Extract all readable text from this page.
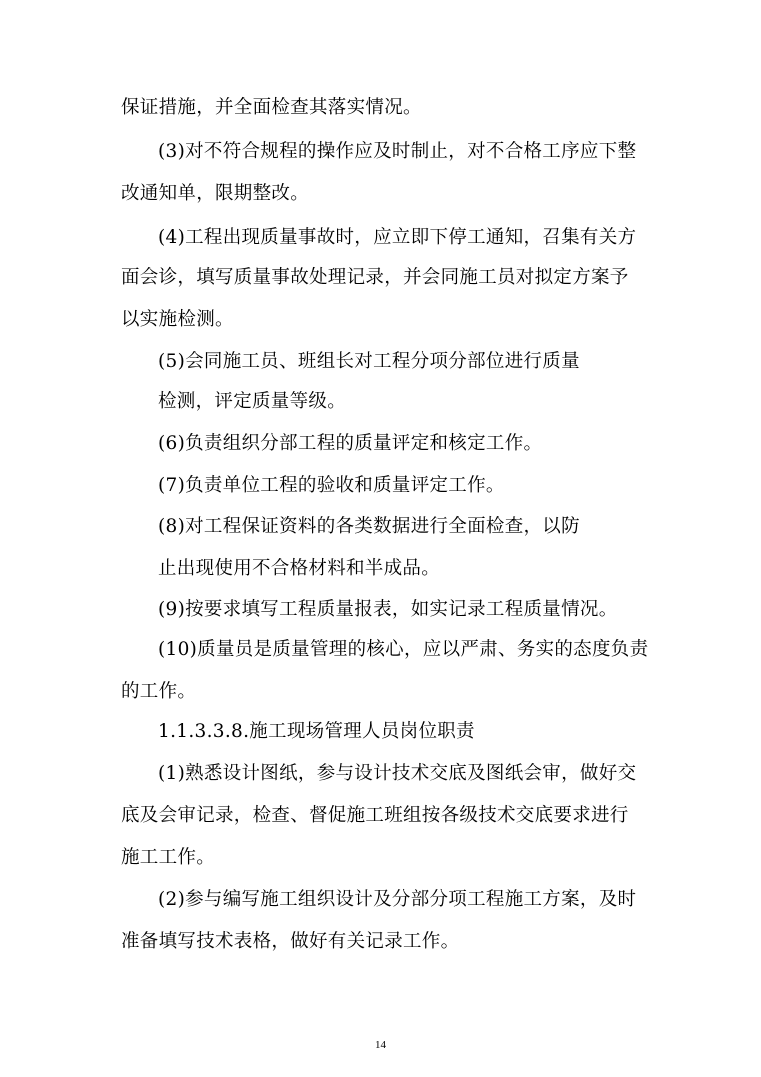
保证措施，并全面检查其落实情况。
(3)对不符合规程的操作应及时制止，对不合格工序应下整
改通知单，限期整改。
(4)工程出现质量事故时，应立即下停工通知，召集有关方
面会诊，填写质量事故处理记录，并会同施工员对拟定方案予
以实施检测。
(5)会同施工员、班组长对工程分项分部位进行质量
检测，评定质量等级。
(6)负责组织分部工程的质量评定和核定工作。
(7)负责单位工程的验收和质量评定工作。
(8)对工程保证资料的各类数据进行全面检查，以防
止出现使用不合格材料和半成品。
(9)按要求填写工程质量报表，如实记录工程质量情况。
(10)质量员是质量管理的核心，应以严肃、务实的态度负责
的工作。
1.1.3.3.8.施工现场管理人员岗位职责
(1)熟悉设计图纸，参与设计技术交底及图纸会审，做好交
底及会审记录，检查、督促施工班组按各级技术交底要求进行
施工工作。
(2)参与编写施工组织设计及分部分项工程施工方案，及时
准备填写技术表格，做好有关记录工作。
14
